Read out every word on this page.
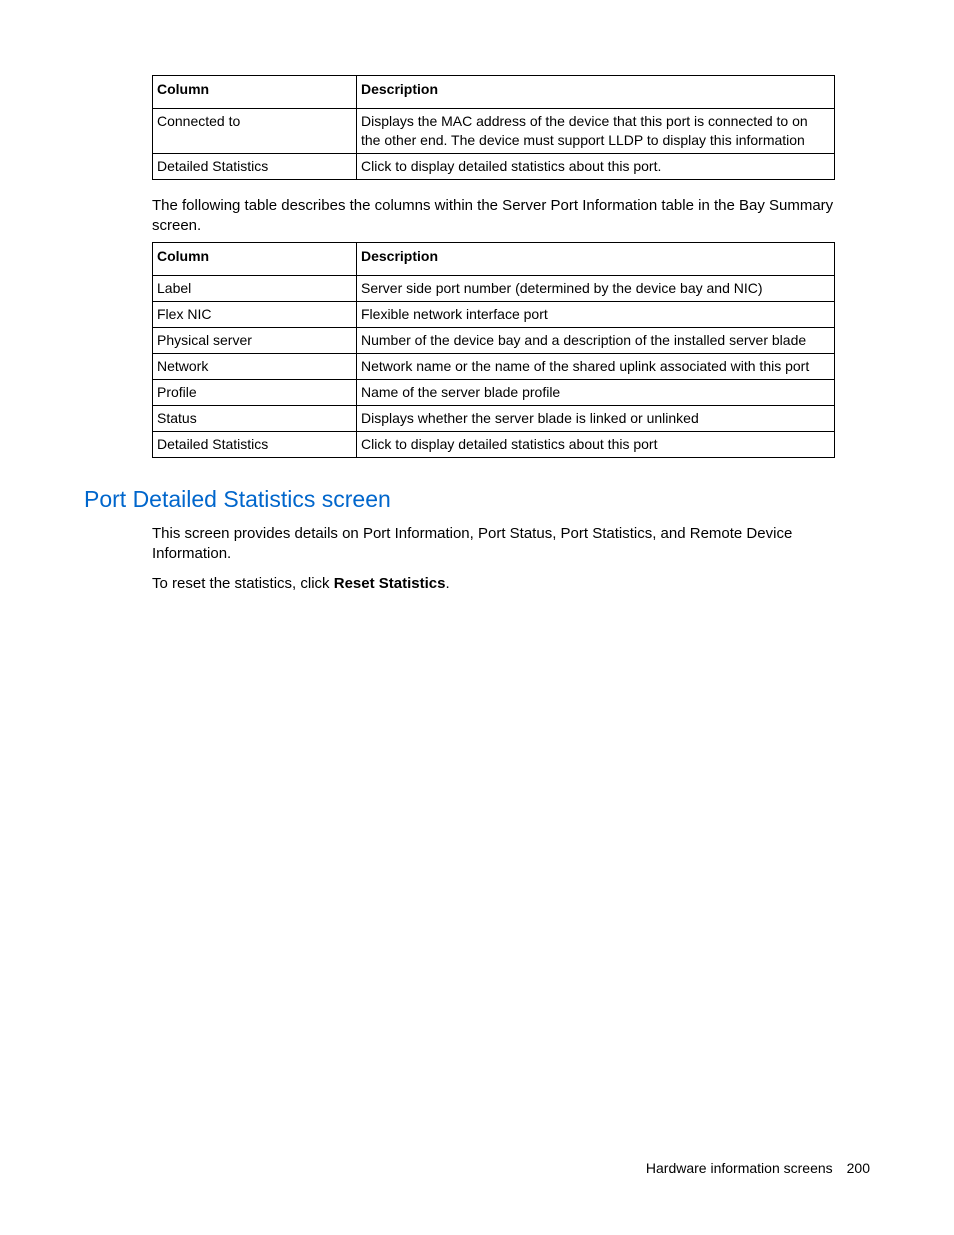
Column	Description
Connected to	Displays the MAC address of the device that this port is connected to on the other end. The device must support LLDP to display this information
Detailed Statistics	Click to display detailed statistics about this port.

The following table describes the columns within the Server Port Information table in the Bay Summary screen.

Column	Description
Label	Server side port number (determined by the device bay and NIC)
Flex NIC	Flexible network interface port
Physical server	Number of the device bay and a description of the installed server blade
Network	Network name or the name of the shared uplink associated with this port
Profile	Name of the server blade profile
Status	Displays whether the server blade is linked or unlinked
Detailed Statistics	Click to display detailed statistics about this port
Port Detailed Statistics screen

This screen provides details on Port Information, Port Status, Port Statistics, and Remote Device Information.

To reset the statistics, click Reset Statistics.

Hardware information screens 200
